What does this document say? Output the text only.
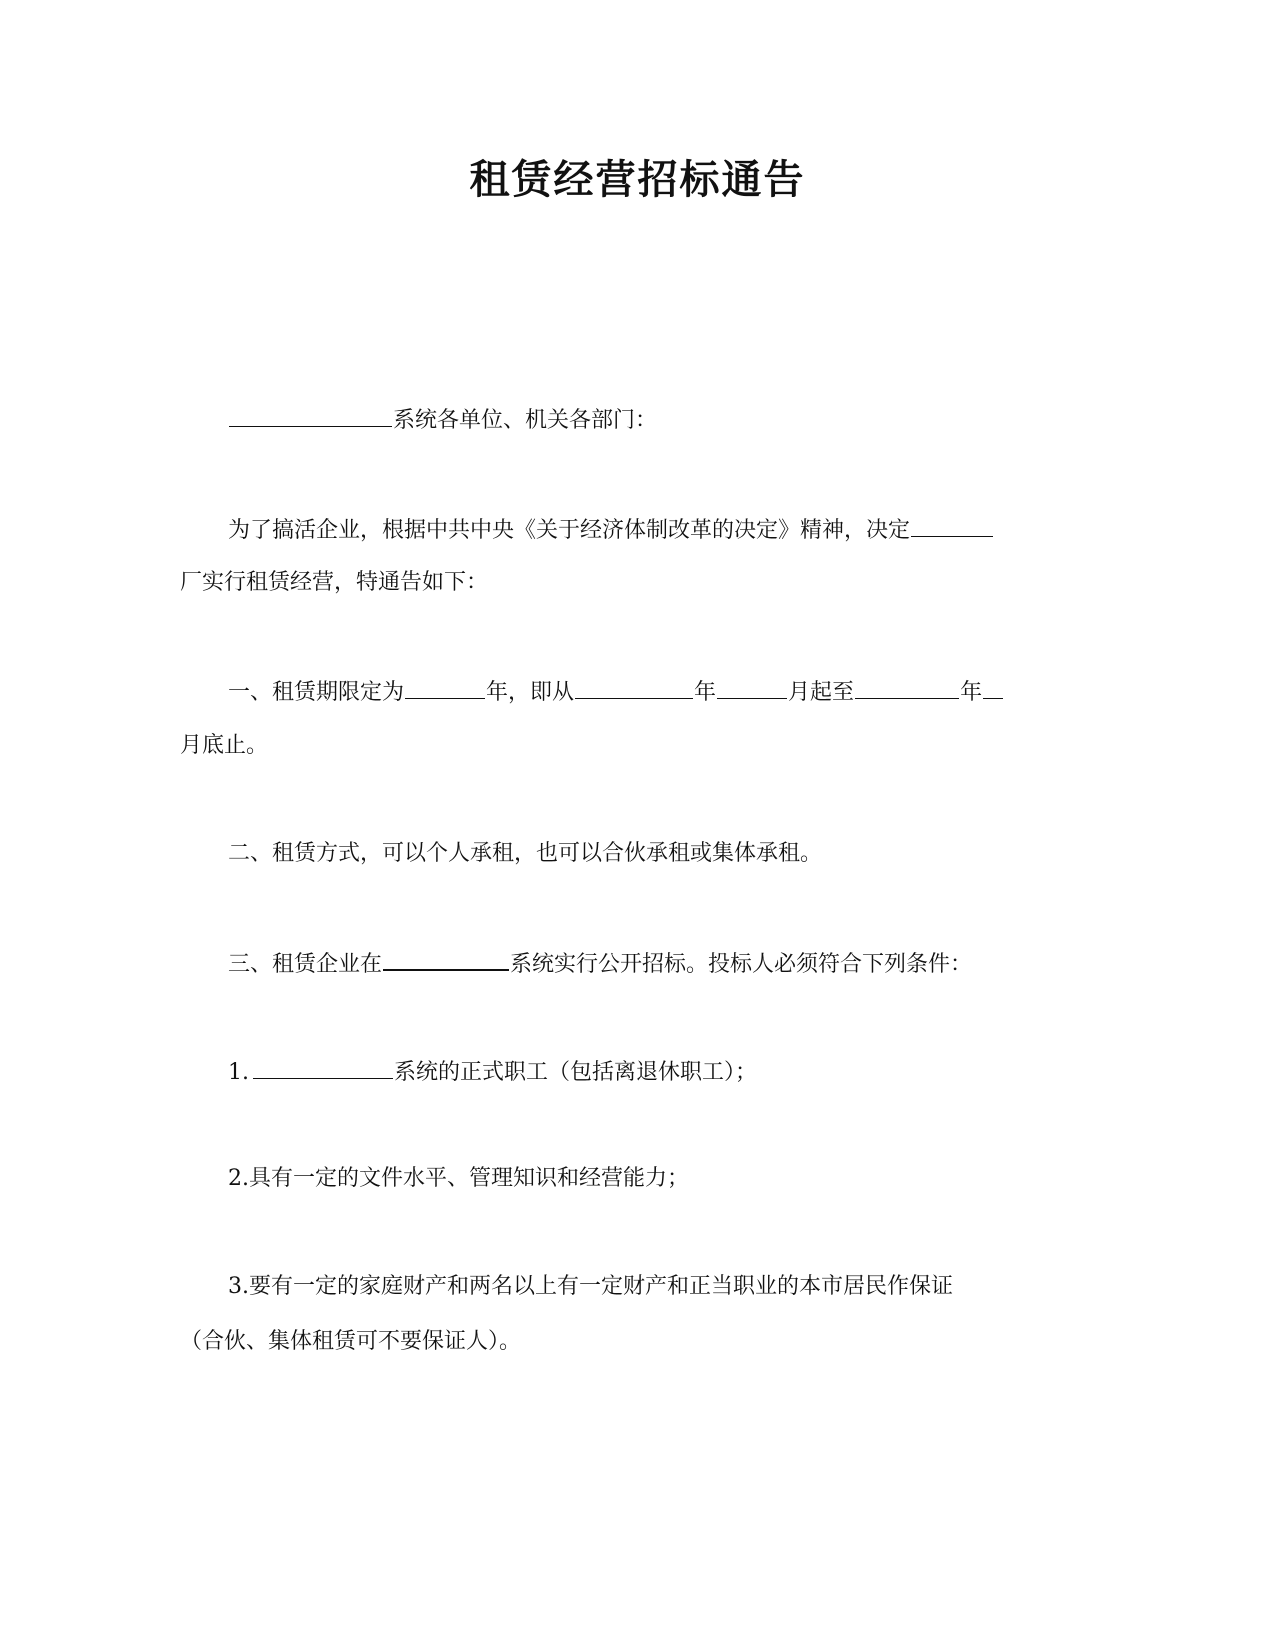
租赁经营招标通告
系统各单位、机关各部门：
为了搞活企业，根据中共中央《关于经济体制改革的决定》精神，决定
厂实行租赁经营，特通告如下：
一、租赁期限定为	年，即从	年	月起至	年
月底止。
二、租赁方式，可以个人承租，也可以合伙承租或集体承租。
三、租赁企业在	系统实行公开招标。投标人必须符合下列条件：
1.	系统的正式职工（包括离退休职工）；
2.具有一定的文件水平、管理知识和经营能力；
3.要有一定的家庭财产和两名以上有一定财产和正当职业的本市居民作保证
（合伙、集体租赁可不要保证人）。
